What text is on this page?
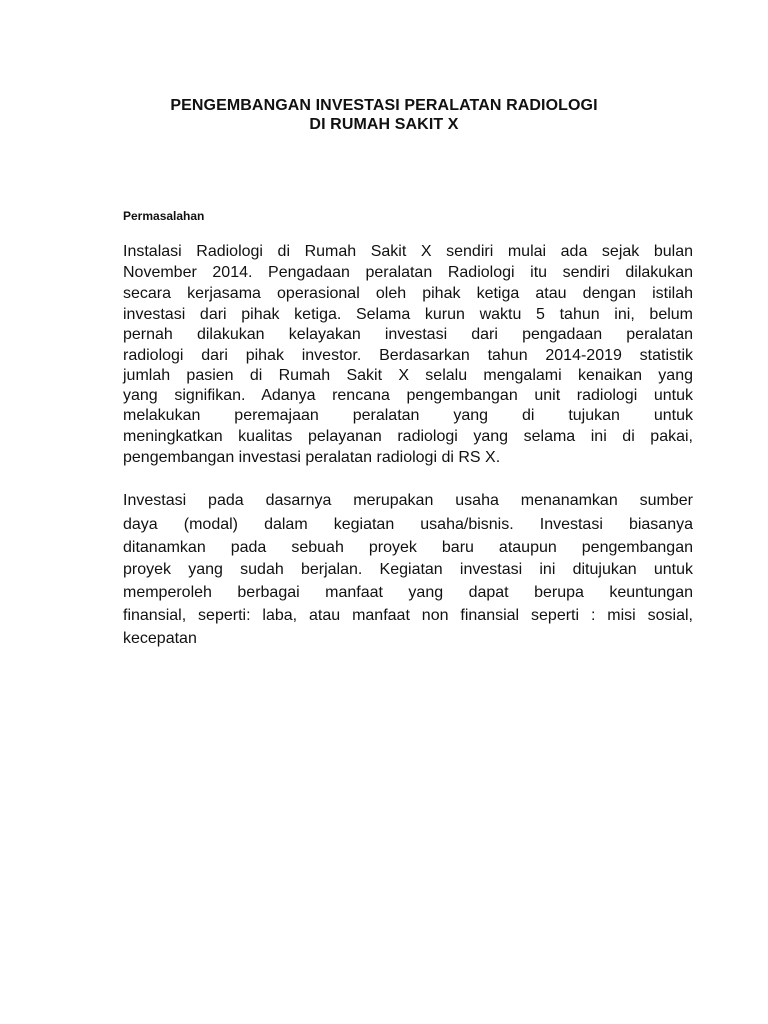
PENGEMBANGAN INVESTASI PERALATAN RADIOLOGI
DI RUMAH SAKIT X
Permasalahan
Instalasi Radiologi di Rumah Sakit X sendiri mulai ada sejak bulan
November 2014. Pengadaan peralatan Radiologi itu sendiri dilakukan
secara kerjasama operasional oleh pihak ketiga atau dengan istilah
investasi dari pihak ketiga. Selama kurun waktu 5 tahun ini, belum
pernah dilakukan kelayakan investasi dari pengadaan peralatan
radiologi dari pihak investor. Berdasarkan tahun 2014-2019 statistik
jumlah pasien di Rumah Sakit X selalu mengalami kenaikan yang
yang signifikan. Adanya rencana pengembangan unit radiologi untuk
melakukan peremajaan peralatan yang di tujukan untuk
meningkatkan kualitas pelayanan radiologi yang selama ini di pakai,
pengembangan investasi peralatan radiologi di RS X.
Investasi pada dasarnya merupakan usaha menanamkan sumber
daya (modal) dalam kegiatan usaha/bisnis. Investasi biasanya
ditanamkan pada sebuah proyek baru ataupun pengembangan
proyek yang sudah berjalan. Kegiatan investasi ini ditujukan untuk
memperoleh berbagai manfaat yang dapat berupa keuntungan
finansial, seperti: laba, atau manfaat non finansial seperti : misi sosial,
kecepatan
